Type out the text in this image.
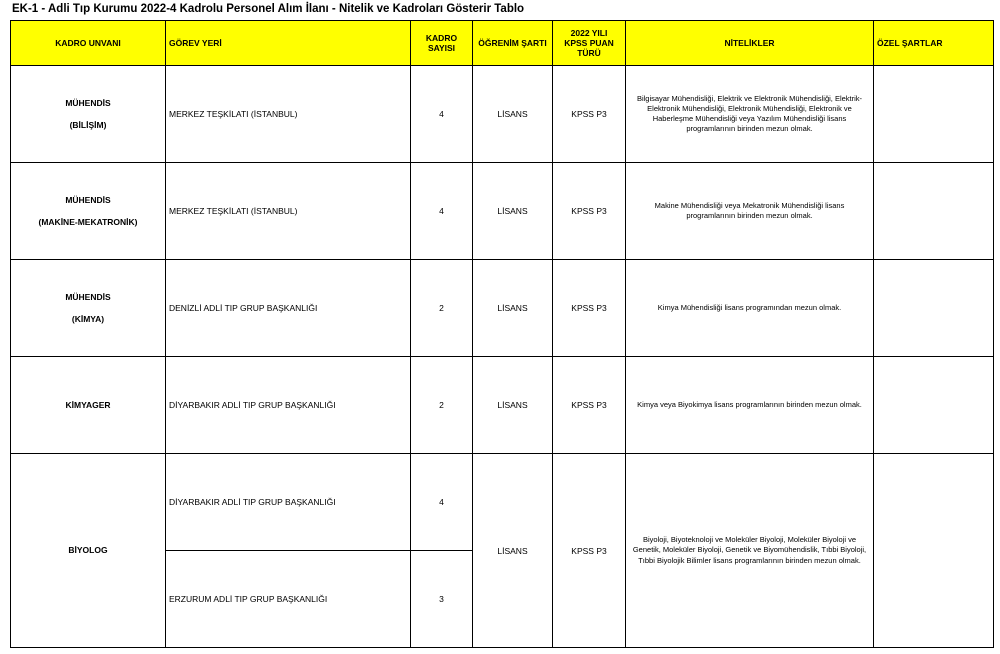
EK-1 - Adli Tıp Kurumu 2022-4 Kadrolu Personel Alım İlanı - Nitelik ve Kadroları Gösterir Tablo
KADRO UNVANI	GÖREV YERİ	KADRO
SAYISI	ÖĞRENİM ŞARTI	2022 YILI
KPSS PUAN
TÜRÜ	NİTELİKLER	ÖZEL ŞARTLAR

MÜHENDİS
(BİLİŞİM)	MERKEZ TEŞKİLATI (İSTANBUL)	4	LİSANS	KPSS P3	Bilgisayar Mühendisliği, Elektrik ve Elektronik Mühendisliği, Elektrik-Elektronik Mühendisliği, Elektronik Mühendisliği, Elektronik ve Haberleşme Mühendisliği veya Yazılım Mühendisliği lisans programlarının birinden mezun olmak.	

MÜHENDİS
(MAKİNE-MEKATRONİK)	MERKEZ TEŞKİLATI (İSTANBUL)	4	LİSANS	KPSS P3	Makine Mühendisliği veya Mekatronik Mühendisliği lisans programlarının birinden mezun olmak.	

MÜHENDİS
(KİMYA)	DENİZLİ ADLİ TIP GRUP BAŞKANLIĞI	2	LİSANS	KPSS P3	Kimya Mühendisliği lisans programından mezun olmak.	
KİMYAGER	DİYARBAKIR ADLİ TIP GRUP BAŞKANLIĞI	2	LİSANS	KPSS P3	Kimya veya Biyokimya lisans programlarının birinden mezun olmak.	
BİYOLOG	DİYARBAKIR ADLİ TIP GRUP BAŞKANLIĞI	4	LİSANS	KPSS P3	Biyoloji, Biyoteknoloji ve Moleküler Biyoloji, Moleküler Biyoloji ve Genetik, Moleküler Biyoloji, Genetik ve Biyomühendislik, Tıbbi Biyoloji, Tıbbi Biyolojik Bilimler lisans programlarının birinden mezun olmak.	
	ERZURUM ADLİ TIP GRUP BAŞKANLIĞI	3				
